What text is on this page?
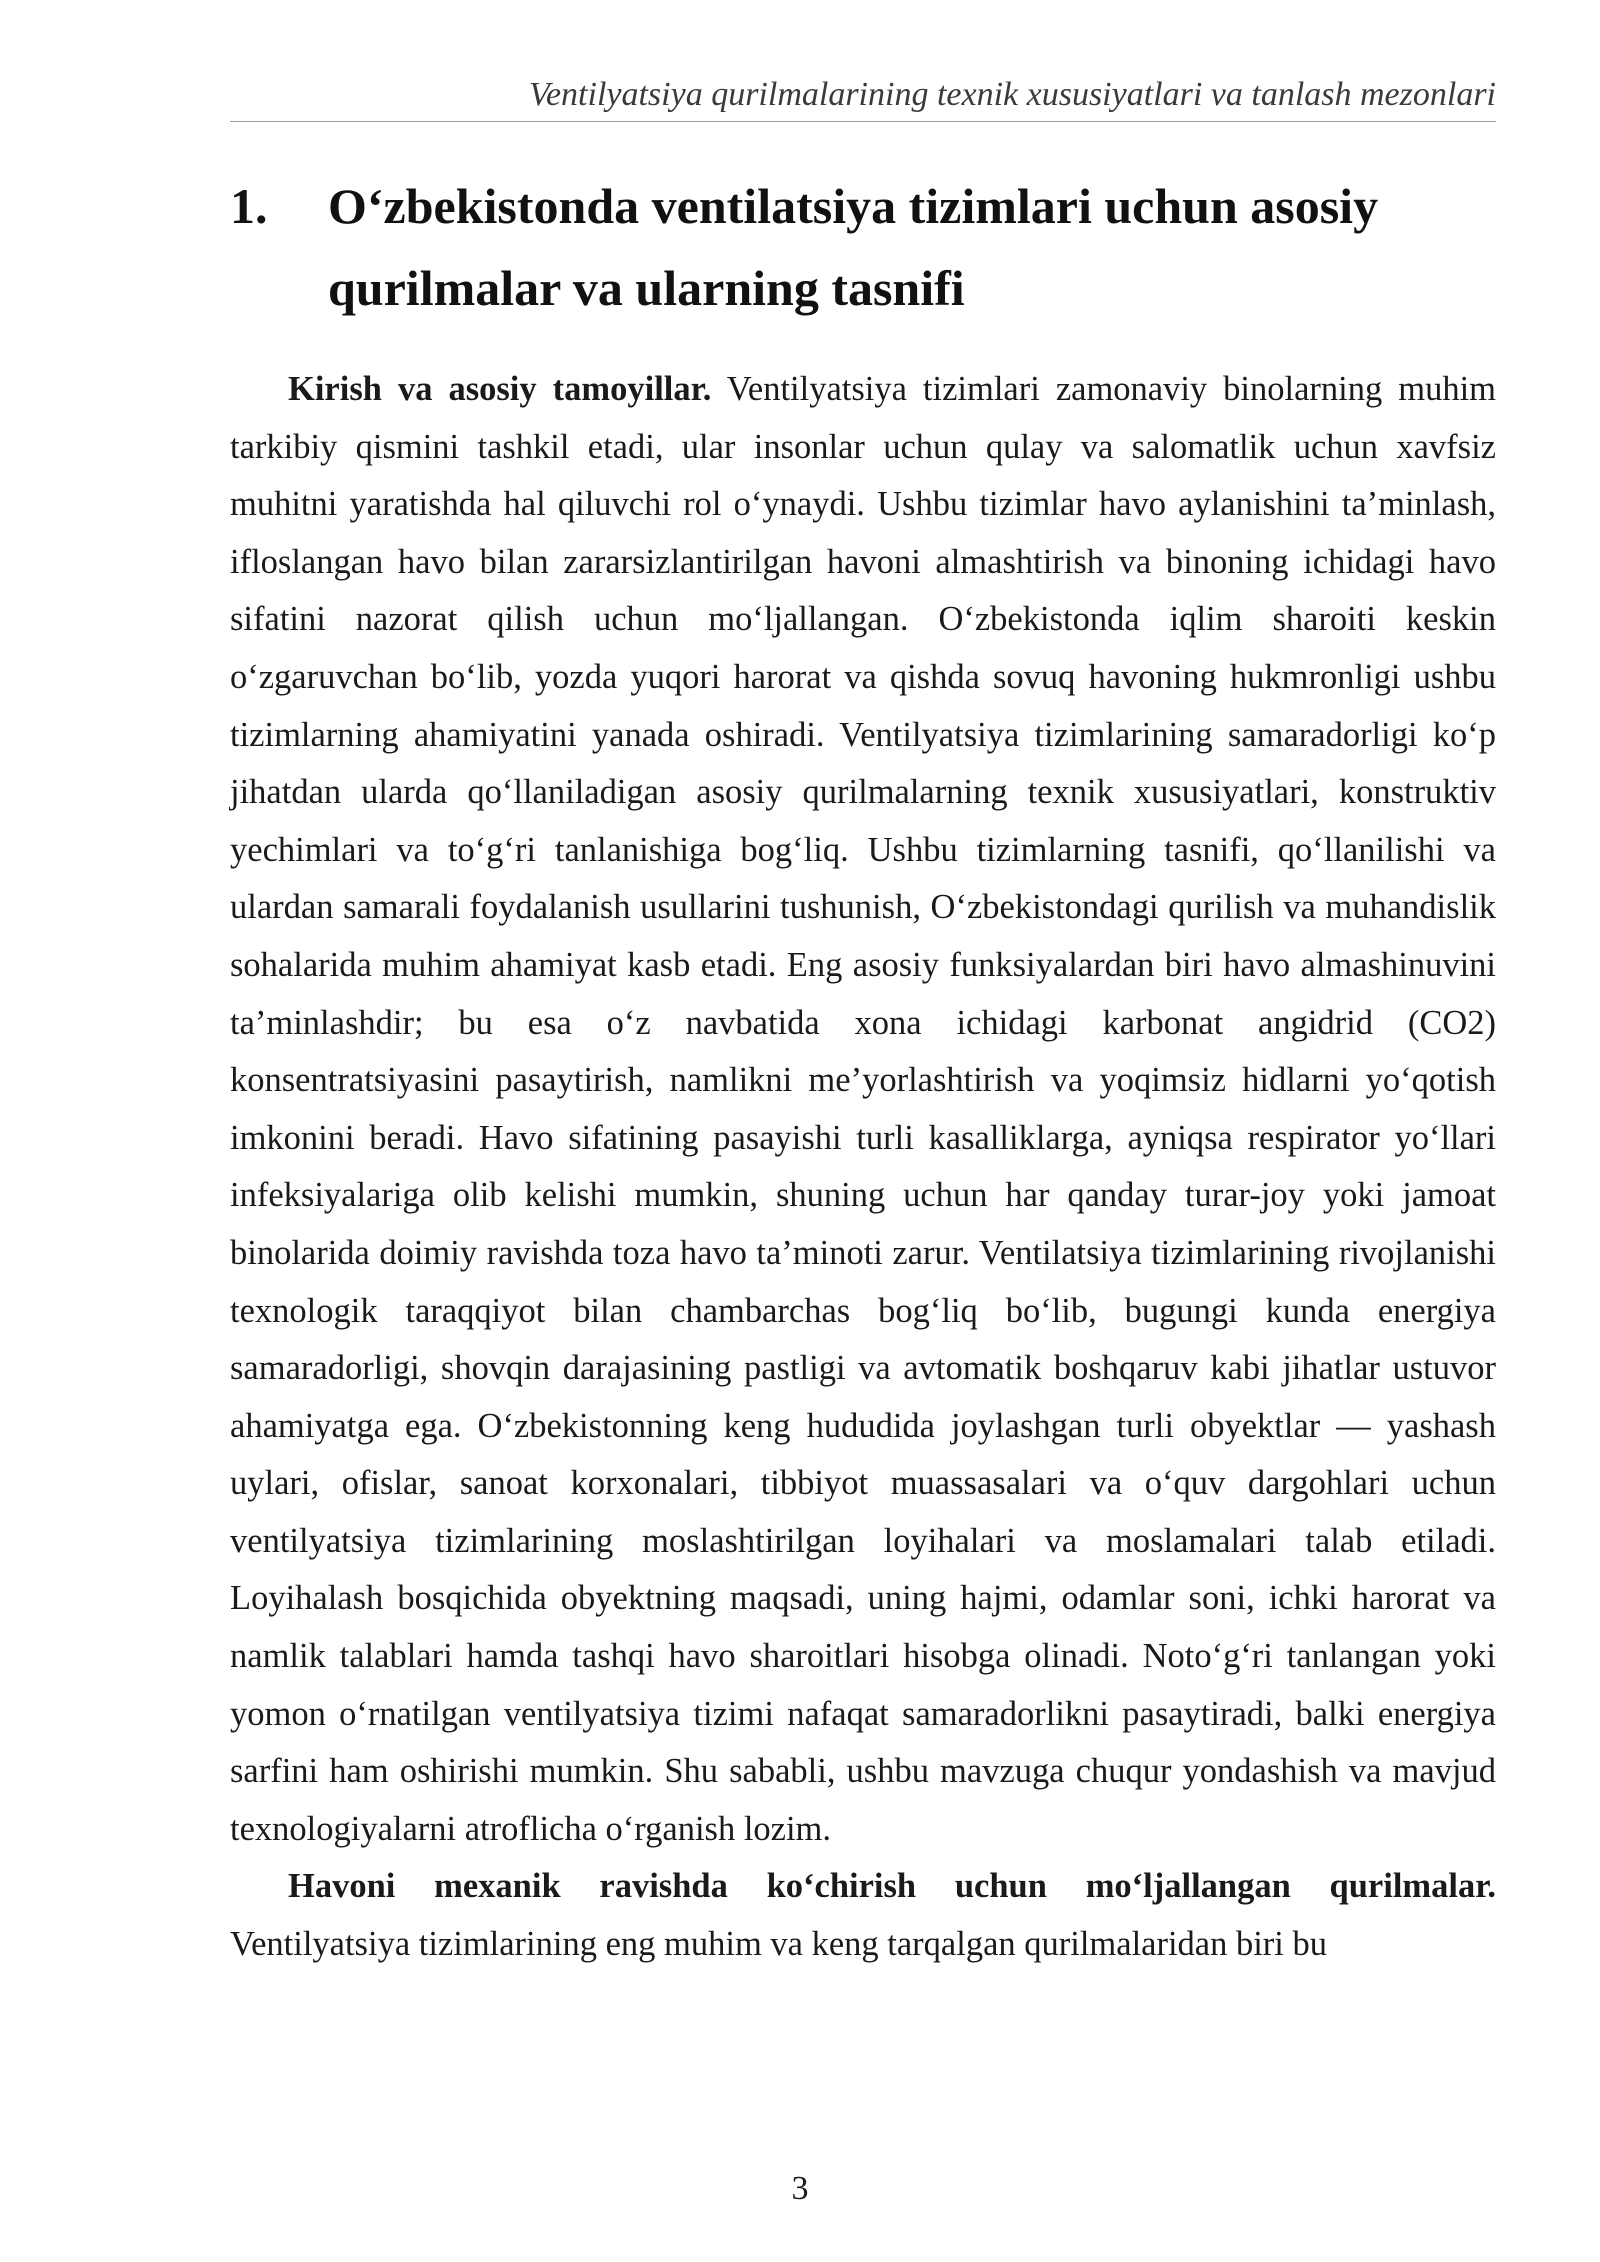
Ventilyatsiya qurilmalarining texnik xususiyatlari va tanlash mezonlari
1. O‘zbekistonda ventilatsiya tizimlari uchun asosiy qurilmalar va ularning tasnifi

Kirish va asosiy tamoyillar. Ventilyatsiya tizimlari zamonaviy binolarning muhim tarkibiy qismini tashkil etadi, ular insonlar uchun qulay va salomatlik uchun xavfsiz muhitni yaratishda hal qiluvchi rol o‘ynaydi. Ushbu tizimlar havo aylanishini ta’minlash, ifloslangan havo bilan zararsizlantirilgan havoni almashtirish va binoning ichidagi havo sifatini nazorat qilish uchun mo‘ljallangan. O‘zbekistonda iqlim sharoiti keskin o‘zgaruvchan bo‘lib, yozda yuqori harorat va qishda sovuq havoning hukmronligi ushbu tizimlarning ahamiyatini yanada oshiradi. Ventilyatsiya tizimlarining samaradorligi ko‘p jihatdan ularda qo‘llaniladigan asosiy qurilmalarning texnik xususiyatlari, konstruktiv yechimlari va to‘g‘ri tanlanishiga bog‘liq. Ushbu tizimlarning tasnifi, qo‘llanilishi va ulardan samarali foydalanish usullarini tushunish, O‘zbekistondagi qurilish va muhandislik sohalarida muhim ahamiyat kasb etadi. Eng asosiy funksiyalardan biri havo almashinuvini ta’minlashdir; bu esa o‘z navbatida xona ichidagi karbonat angidrid (CO2) konsentratsiyasini pasaytirish, namlikni me’yorlashtirish va yoqimsiz hidlarni yo‘qotish imkonini beradi. Havo sifatining pasayishi turli kasalliklarga, ayniqsa respirator yo‘llari infeksiyalariga olib kelishi mumkin, shuning uchun har qanday turar-joy yoki jamoat binolarida doimiy ravishda toza havo ta’minoti zarur. Ventilatsiya tizimlarining rivojlanishi texnologik taraqqiyot bilan chambarchas bog‘liq bo‘lib, bugungi kunda energiya samaradorligi, shovqin darajasining pastligi va avtomatik boshqaruv kabi jihatlar ustuvor ahamiyatga ega. O‘zbekistonning keng hududida joylashgan turli obyektlar — yashash uylari, ofislar, sanoat korxonalari, tibbiyot muassasalari va o‘quv dargohlari uchun ventilyatsiya tizimlarining moslashtirilgan loyihalari va moslamalari talab etiladi. Loyihalash bosqichida obyektning maqsadi, uning hajmi, odamlar soni, ichki harorat va namlik talablari hamda tashqi havo sharoitlari hisobga olinadi. Noto‘g‘ri tanlangan yoki yomon o‘rnatilgan ventilyatsiya tizimi nafaqat samaradorlikni pasaytiradi, balki energiya sarfini ham oshirishi mumkin. Shu sababli, ushbu mavzuga chuqur yondashish va mavjud texnologiyalarni atroflicha o‘rganish lozim.

Havoni mexanik ravishda ko‘chirish uchun mo‘ljallangan qurilmalar. Ventilyatsiya tizimlarining eng muhim va keng tarqalgan qurilmalaridan biri bu

3
